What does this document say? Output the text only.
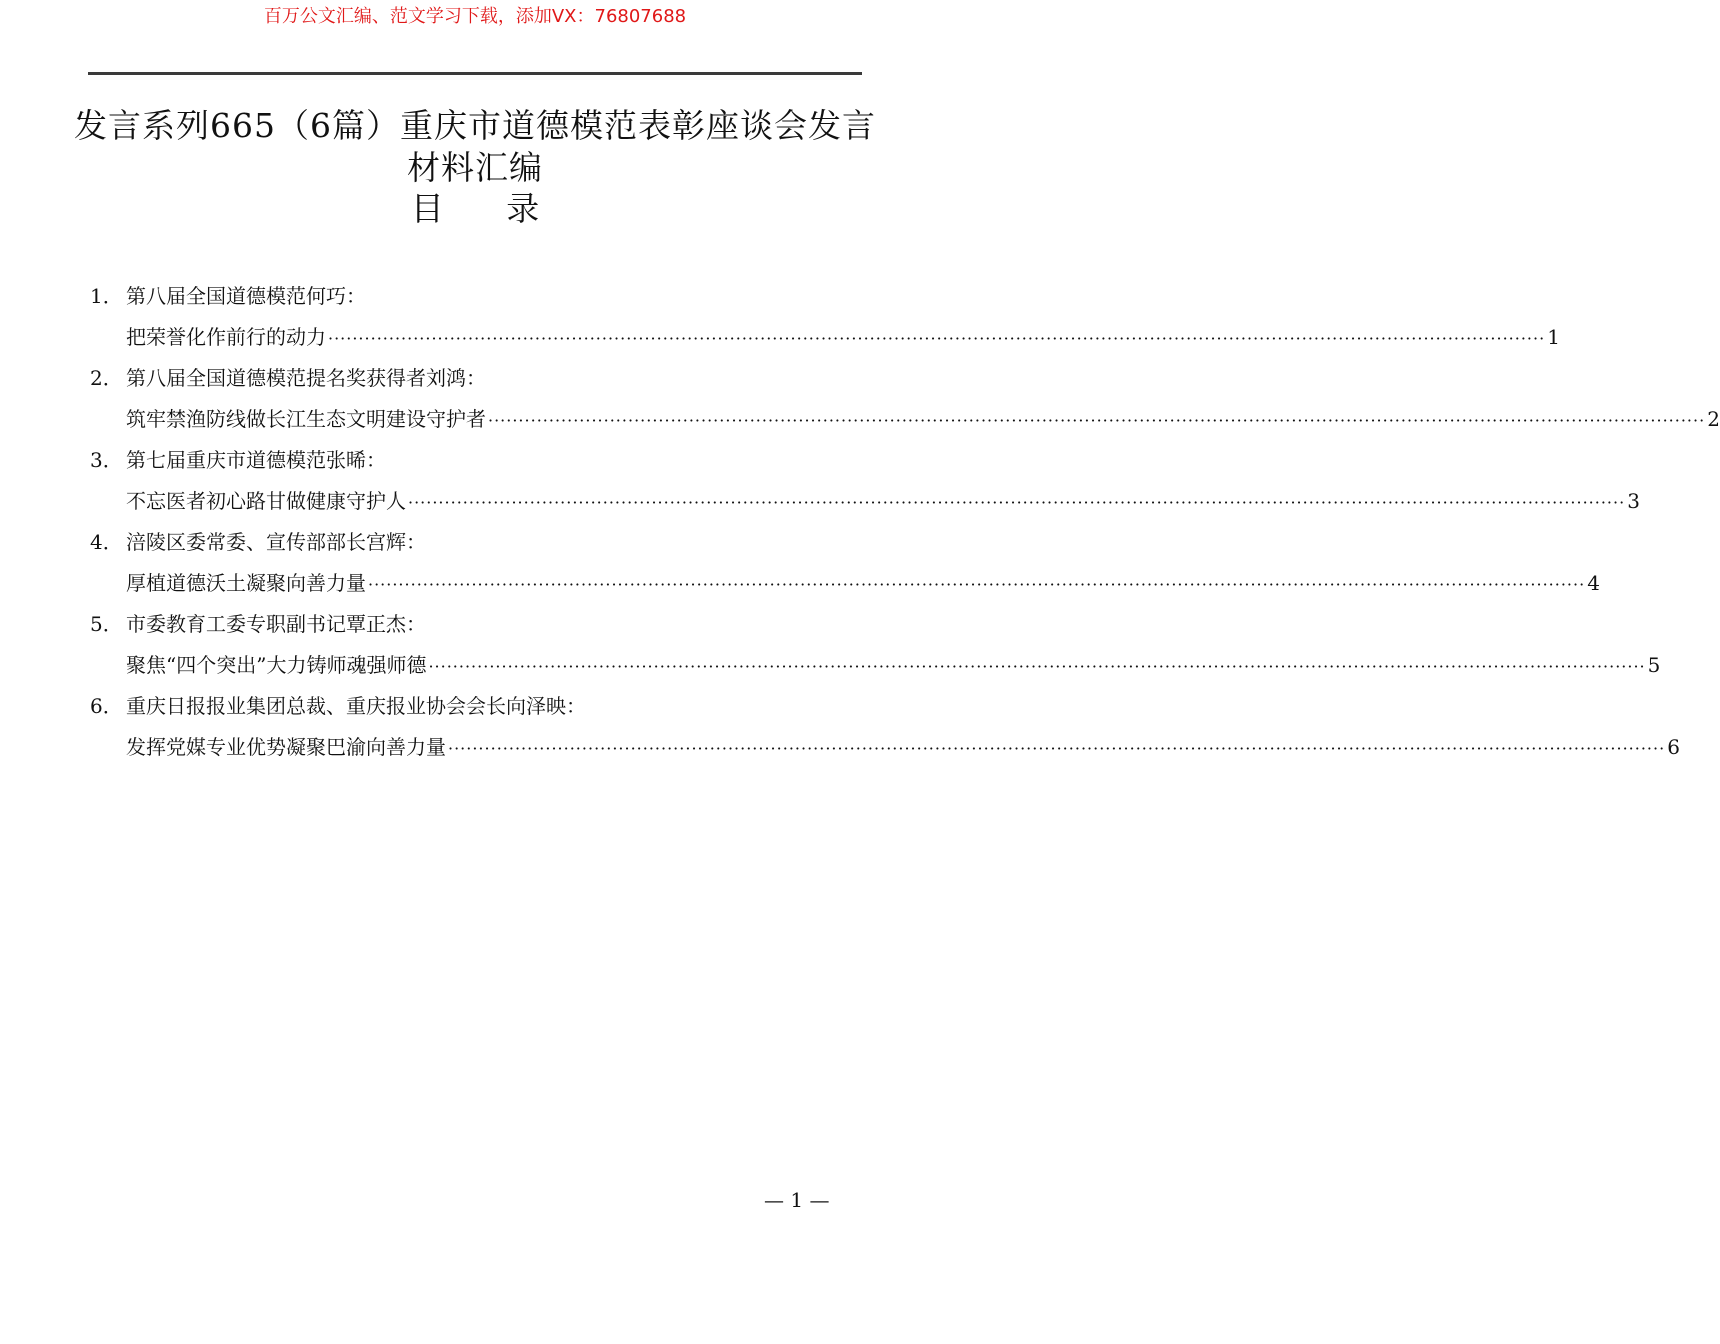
百万公文汇编、范文学习下载，添加VX：76807688
发言系列665（6篇）重庆市道德模范表彰座谈会发言材料汇编
目 录
1． 第八届全国道德模范何巧：
把荣誉化作前行的动力 ········································································································································································································ 1
2． 第八届全国道德模范提名奖获得者刘鸿：
筑牢禁渔防线做长江生态文明建设守护者 ········································································································································································································ 2
3． 第七届重庆市道德模范张晞：
不忘医者初心路甘做健康守护人 ········································································································································································································ 3
4． 涪陵区委常委、宣传部部长宫辉：
厚植道德沃土凝聚向善力量 ········································································································································································································ 4
5． 市委教育工委专职副书记覃正杰：
聚焦“四个突出”大力铸师魂强师德 ········································································································································································································ 5
6． 重庆日报报业集团总裁、重庆报业协会会长向泽映：
发挥党媒专业优势凝聚巴渝向善力量 ········································································································································································································ 6
— 1 —
